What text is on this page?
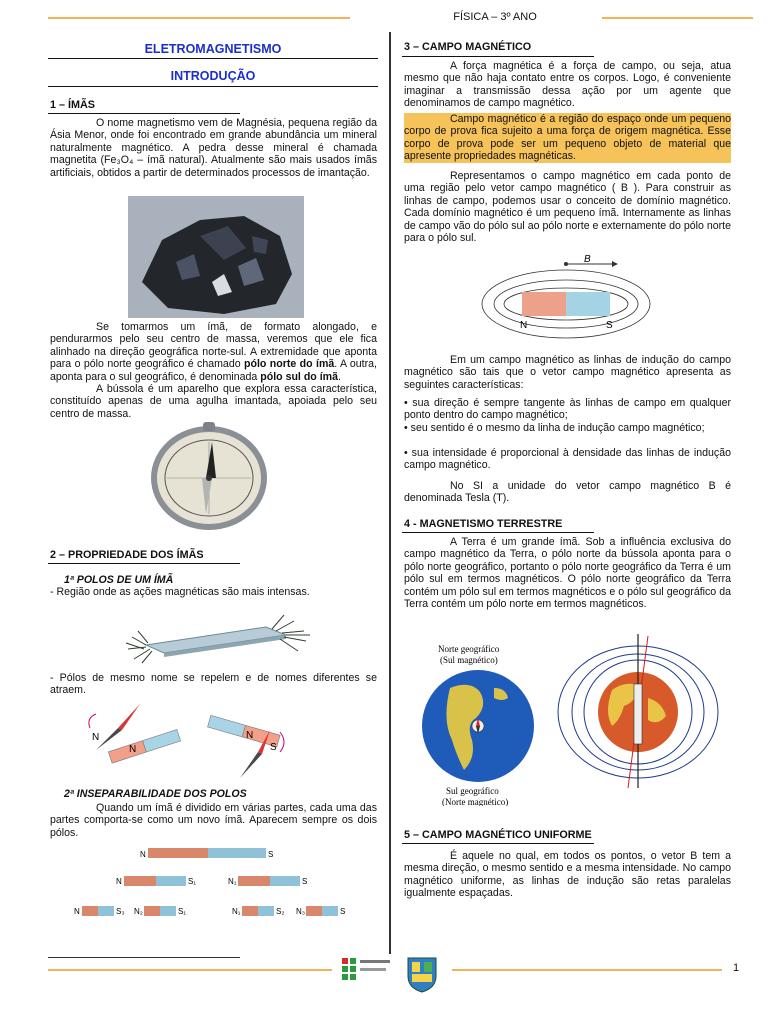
FÍSICA – 3º ANO
ELETROMAGNETISMO
INTRODUÇÃO
1 – ÍMÃS
O nome magnetismo vem de Magnésia, pequena região da Ásia Menor, onde foi encontrado em grande abundância um mineral naturalmente magnético. A pedra desse mineral é chamada magnetita (Fe₃O₄ – ímã natural). Atualmente são mais usados ímãs artificiais, obtidos a partir de determinados processos de imantação.
Se tomarmos um ímã, de formato alongado, e pendurarmos pelo seu centro de massa, veremos que ele fica alinhado na direção geográfica norte-sul. A extremidade que aponta para o pólo norte geográfico é chamado pólo norte do ímã. A outra, aponta para o sul geográfico, é denominada pólo sul do ímã.
A bússola é um aparelho que explora essa característica, constituído apenas de uma agulha imantada, apoiada pelo seu centro de massa.
2 – PROPRIEDADE DOS ÍMÃS
1ª POLOS DE UM ÍMÃ
- Região onde as ações magnéticas são mais intensas.
- Pólos de mesmo nome se repelem e de nomes diferentes se atraem.
N
N
N
S
2ª INSEPARABILIDADE DOS POLOS
Quando um ímã é dividido em várias partes, cada uma das partes comporta-se como um novo ímã. Aparecem sempre os dois pólos.
N	S
N	S₁	N₁	S
N	S₃ N₂	S₁	N₁	S₂ N₃	S
3 – CAMPO MAGNÉTICO
A força magnética é a força de campo, ou seja, atua mesmo que não haja contato entre os corpos. Logo, é conveniente imaginar a transmissão dessa ação por um agente que denominamos de campo magnético.
Campo magnético é a região do espaço onde um pequeno corpo de prova fica sujeito a uma força de origem magnética. Esse corpo de prova pode ser um pequeno objeto de material que apresente propriedades magnéticas.
Representamos o campo magnético em cada ponto de uma região pelo vetor campo magnético ( B ). Para construir as linhas de campo, podemos usar o conceito de domínio magnético. Cada domínio magnético é um pequeno ímã. Internamente as linhas de campo vão do pólo sul ao pólo norte e externamente do pólo norte para o pólo sul.
B
N	S
Em um campo magnético as linhas de indução do campo magnético são tais que o vetor campo magnético apresenta as seguintes características:
• sua direção é sempre tangente às linhas de campo em qualquer ponto dentro do campo magnético;
• seu sentido é o mesmo da linha de indução campo magnético;
• sua intensidade é proporcional à densidade das linhas de indução campo magnético.
No SI a unidade do vetor campo magnético B é denominada Tesla (T).
4 - MAGNETISMO TERRESTRE
A Terra é um grande ímã. Sob a influência exclusiva do campo magnético da Terra, o pólo norte da bússola aponta para o pólo norte geográfico, portanto o pólo norte geográfico da Terra é um pólo sul em termos magnéticos. O pólo norte geográfico da Terra contém um pólo sul em termos magnéticos e o pólo sul geográfico da Terra contém um pólo norte em termos magnéticos.
Norte geográfico
(Sul magnético)
Sul geográfico
(Norte magnético)
5 – CAMPO MAGNÉTICO UNIFORME
É aquele no qual, em todos os pontos, o vetor B tem a mesma direção, o mesmo sentido e a mesma intensidade. No campo magnético uniforme, as linhas de indução são retas paralelas igualmente espaçadas.
1
